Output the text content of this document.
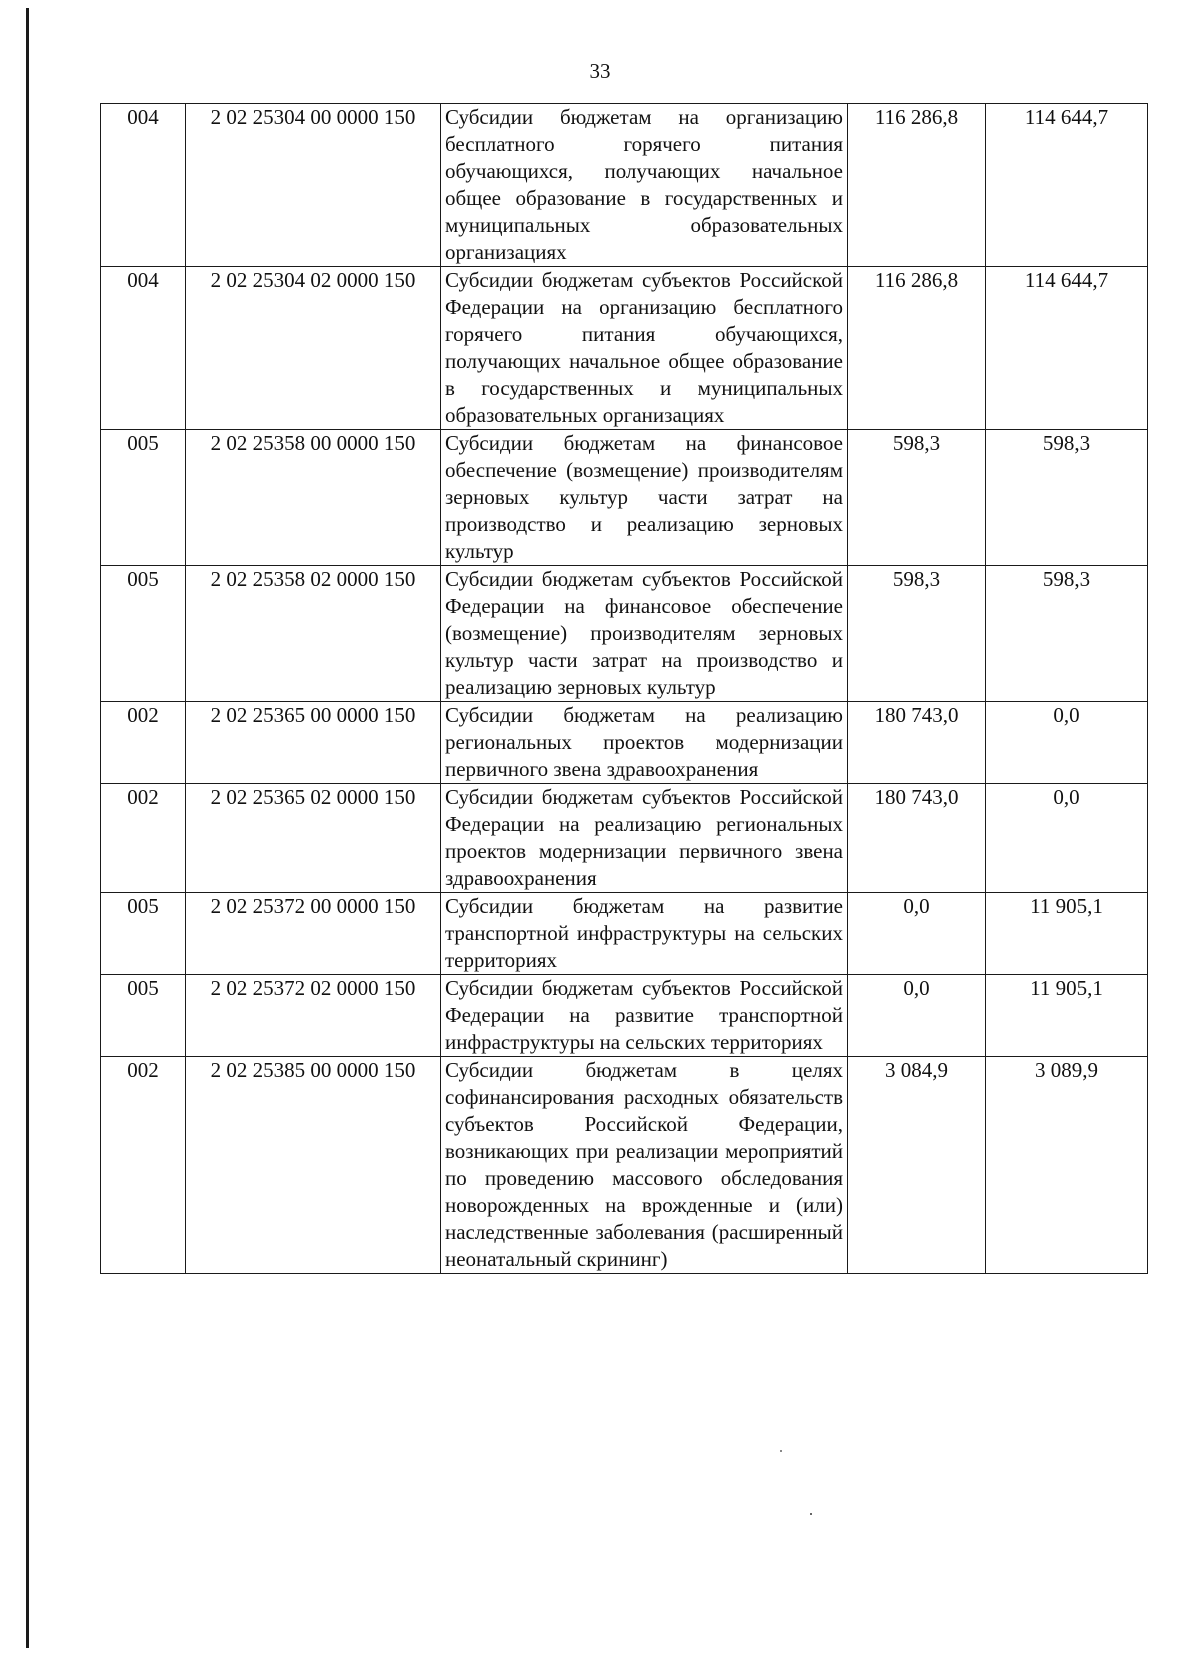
33
004	2 02 25304 00 0000 150	Субсидии бюджетам на организацию бесплатного горячего питания обучающихся, получающих начальное общее образование в государственных и муниципальных образовательных организациях	116 286,8	114 644,7
004	2 02 25304 02 0000 150	Субсидии бюджетам субъектов Российской Федерации на организацию бесплатного горячего питания обучающихся, получающих начальное общее образование в государственных и муниципальных образовательных организациях	116 286,8	114 644,7
005	2 02 25358 00 0000 150	Субсидии бюджетам на финансовое обеспечение (возмещение) производителям зерновых культур части затрат на производство и реализацию зерновых культур	598,3	598,3
005	2 02 25358 02 0000 150	Субсидии бюджетам субъектов Российской Федерации на финансовое обеспечение (возмещение) производителям зерновых культур части затрат на производство и реализацию зерновых культур	598,3	598,3
002	2 02 25365 00 0000 150	Субсидии бюджетам на реализацию региональных проектов модернизации первичного звена здравоохранения	180 743,0	0,0
002	2 02 25365 02 0000 150	Субсидии бюджетам субъектов Российской Федерации на реализацию региональных проектов модернизации первичного звена здравоохранения	180 743,0	0,0
005	2 02 25372 00 0000 150	Субсидии бюджетам на развитие транспортной инфраструктуры на сельских территориях	0,0	11 905,1
005	2 02 25372 02 0000 150	Субсидии бюджетам субъектов Российской Федерации на развитие транспортной инфраструктуры на сельских территориях	0,0	11 905,1
002	2 02 25385 00 0000 150	Субсидии бюджетам в целях софинансирования расходных обязательств субъектов Российской Федерации, возникающих при реализации мероприятий по проведению массового обследования новорожденных на врожденные и (или) наследственные заболевания (расширенный неонатальный скрининг)	3 084,9	3 089,9
